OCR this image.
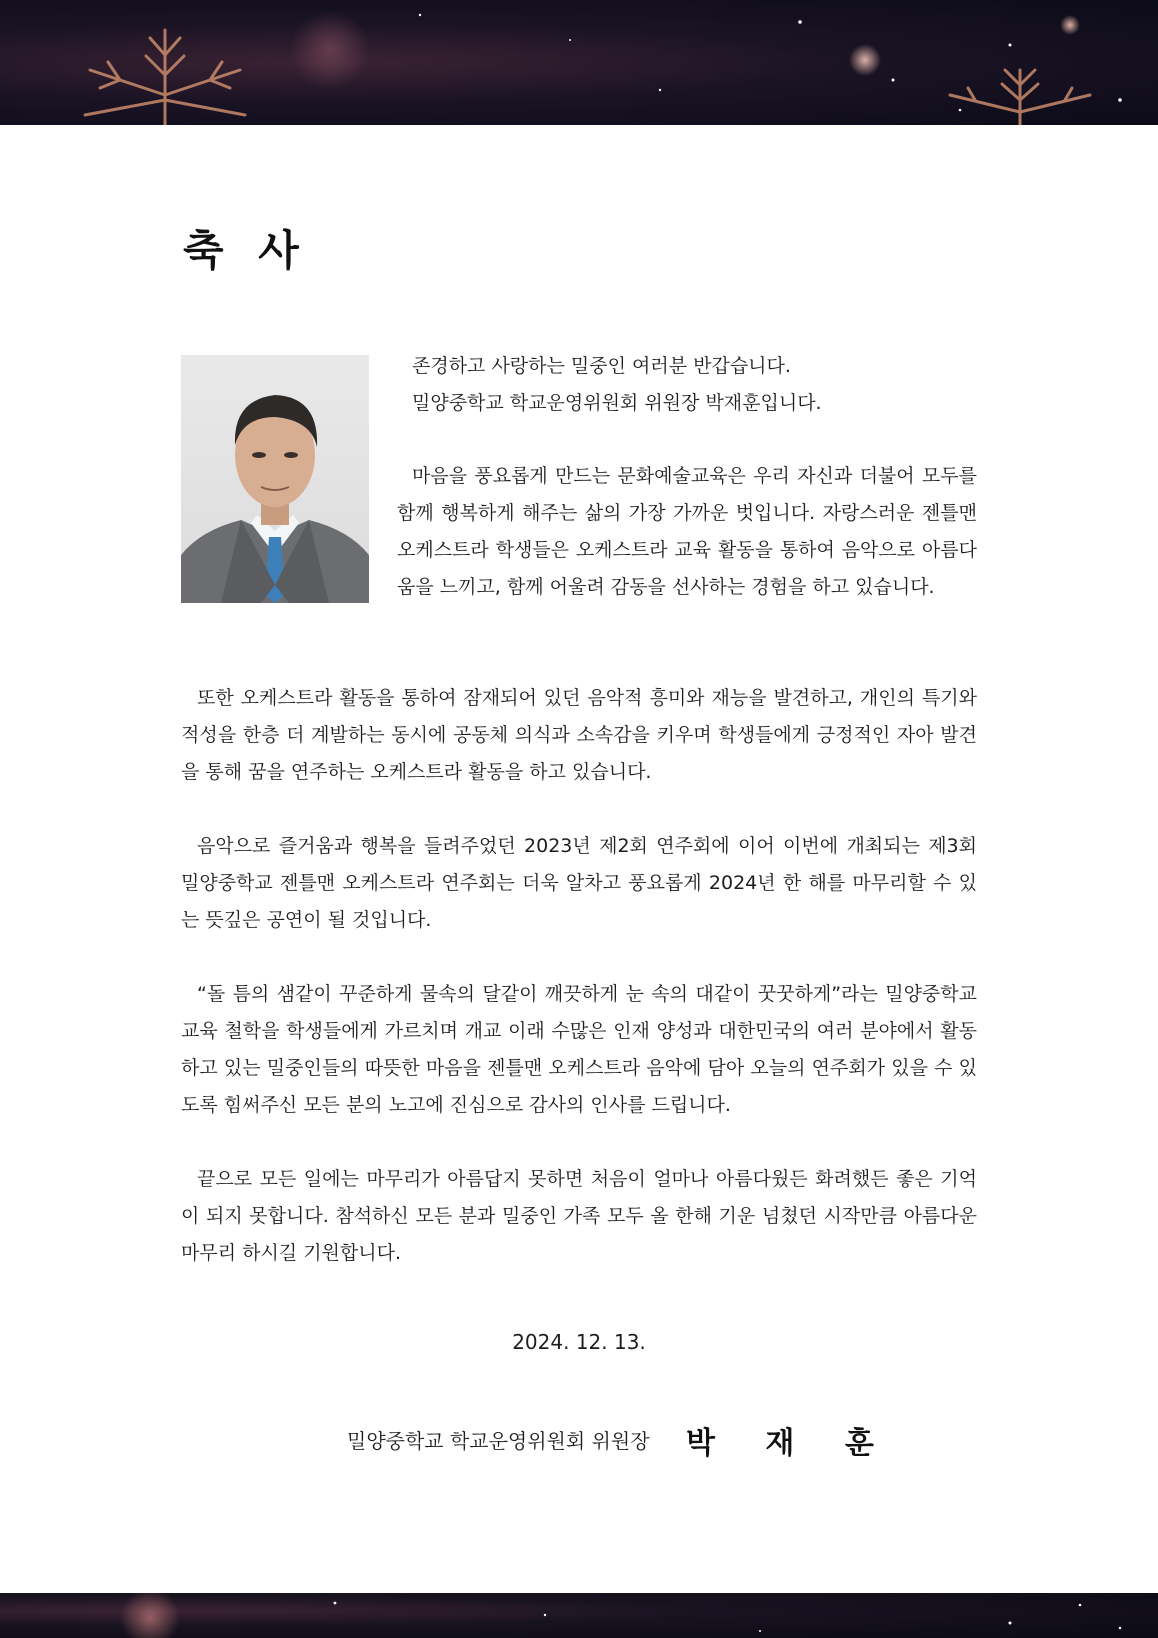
축 사

존경하고 사랑하는 밀중인 여러분 반갑습니다.

밀양중학교 학교운영위원회 위원장 박재훈입니다.

마음을 풍요롭게 만드는 문화예술교육은 우리 자신과 더불어 모두를 함께 행복하게 해주는 삶의 가장 가까운 벗입니다. 자랑스러운 젠틀맨 오케스트라 학생들은 오케스트라 교육 활동을 통하여 음악으로 아름다움을 느끼고, 함께 어울려 감동을 선사하는 경험을 하고 있습니다.

또한 오케스트라 활동을 통하여 잠재되어 있던 음악적 흥미와 재능을 발견하고, 개인의 특기와 적성을 한층 더 계발하는 동시에 공동체 의식과 소속감을 키우며 학생들에게 긍정적인 자아 발견을 통해 꿈을 연주하는 오케스트라 활동을 하고 있습니다.

음악으로 즐거움과 행복을 들려주었던 2023년 제2회 연주회에 이어 이번에 개최되는 제3회 밀양중학교 젠틀맨 오케스트라 연주회는 더욱 알차고 풍요롭게 2024년 한 해를 마무리할 수 있는 뜻깊은 공연이 될 것입니다.

“돌 틈의 샘같이 꾸준하게 물속의 달같이 깨끗하게 눈 속의 대같이 꿋꿋하게”라는 밀양중학교 교육 철학을 학생들에게 가르치며 개교 이래 수많은 인재 양성과 대한민국의 여러 분야에서 활동하고 있는 밀중인들의 따뜻한 마음을 젠틀맨 오케스트라 음악에 담아 오늘의 연주회가 있을 수 있도록 힘써주신 모든 분의 노고에 진심으로 감사의 인사를 드립니다.

끝으로 모든 일에는 마무리가 아름답지 못하면 처음이 얼마나 아름다웠든 화려했든 좋은 기억이 되지 못합니다. 참석하신 모든 분과 밀중인 가족 모두 올 한해 기운 넘쳤던 시작만큼 아름다운 마무리 하시길 기원합니다.

2024. 12. 13.

밀양중학교 학교운영위원회 위원장 박 재 훈
